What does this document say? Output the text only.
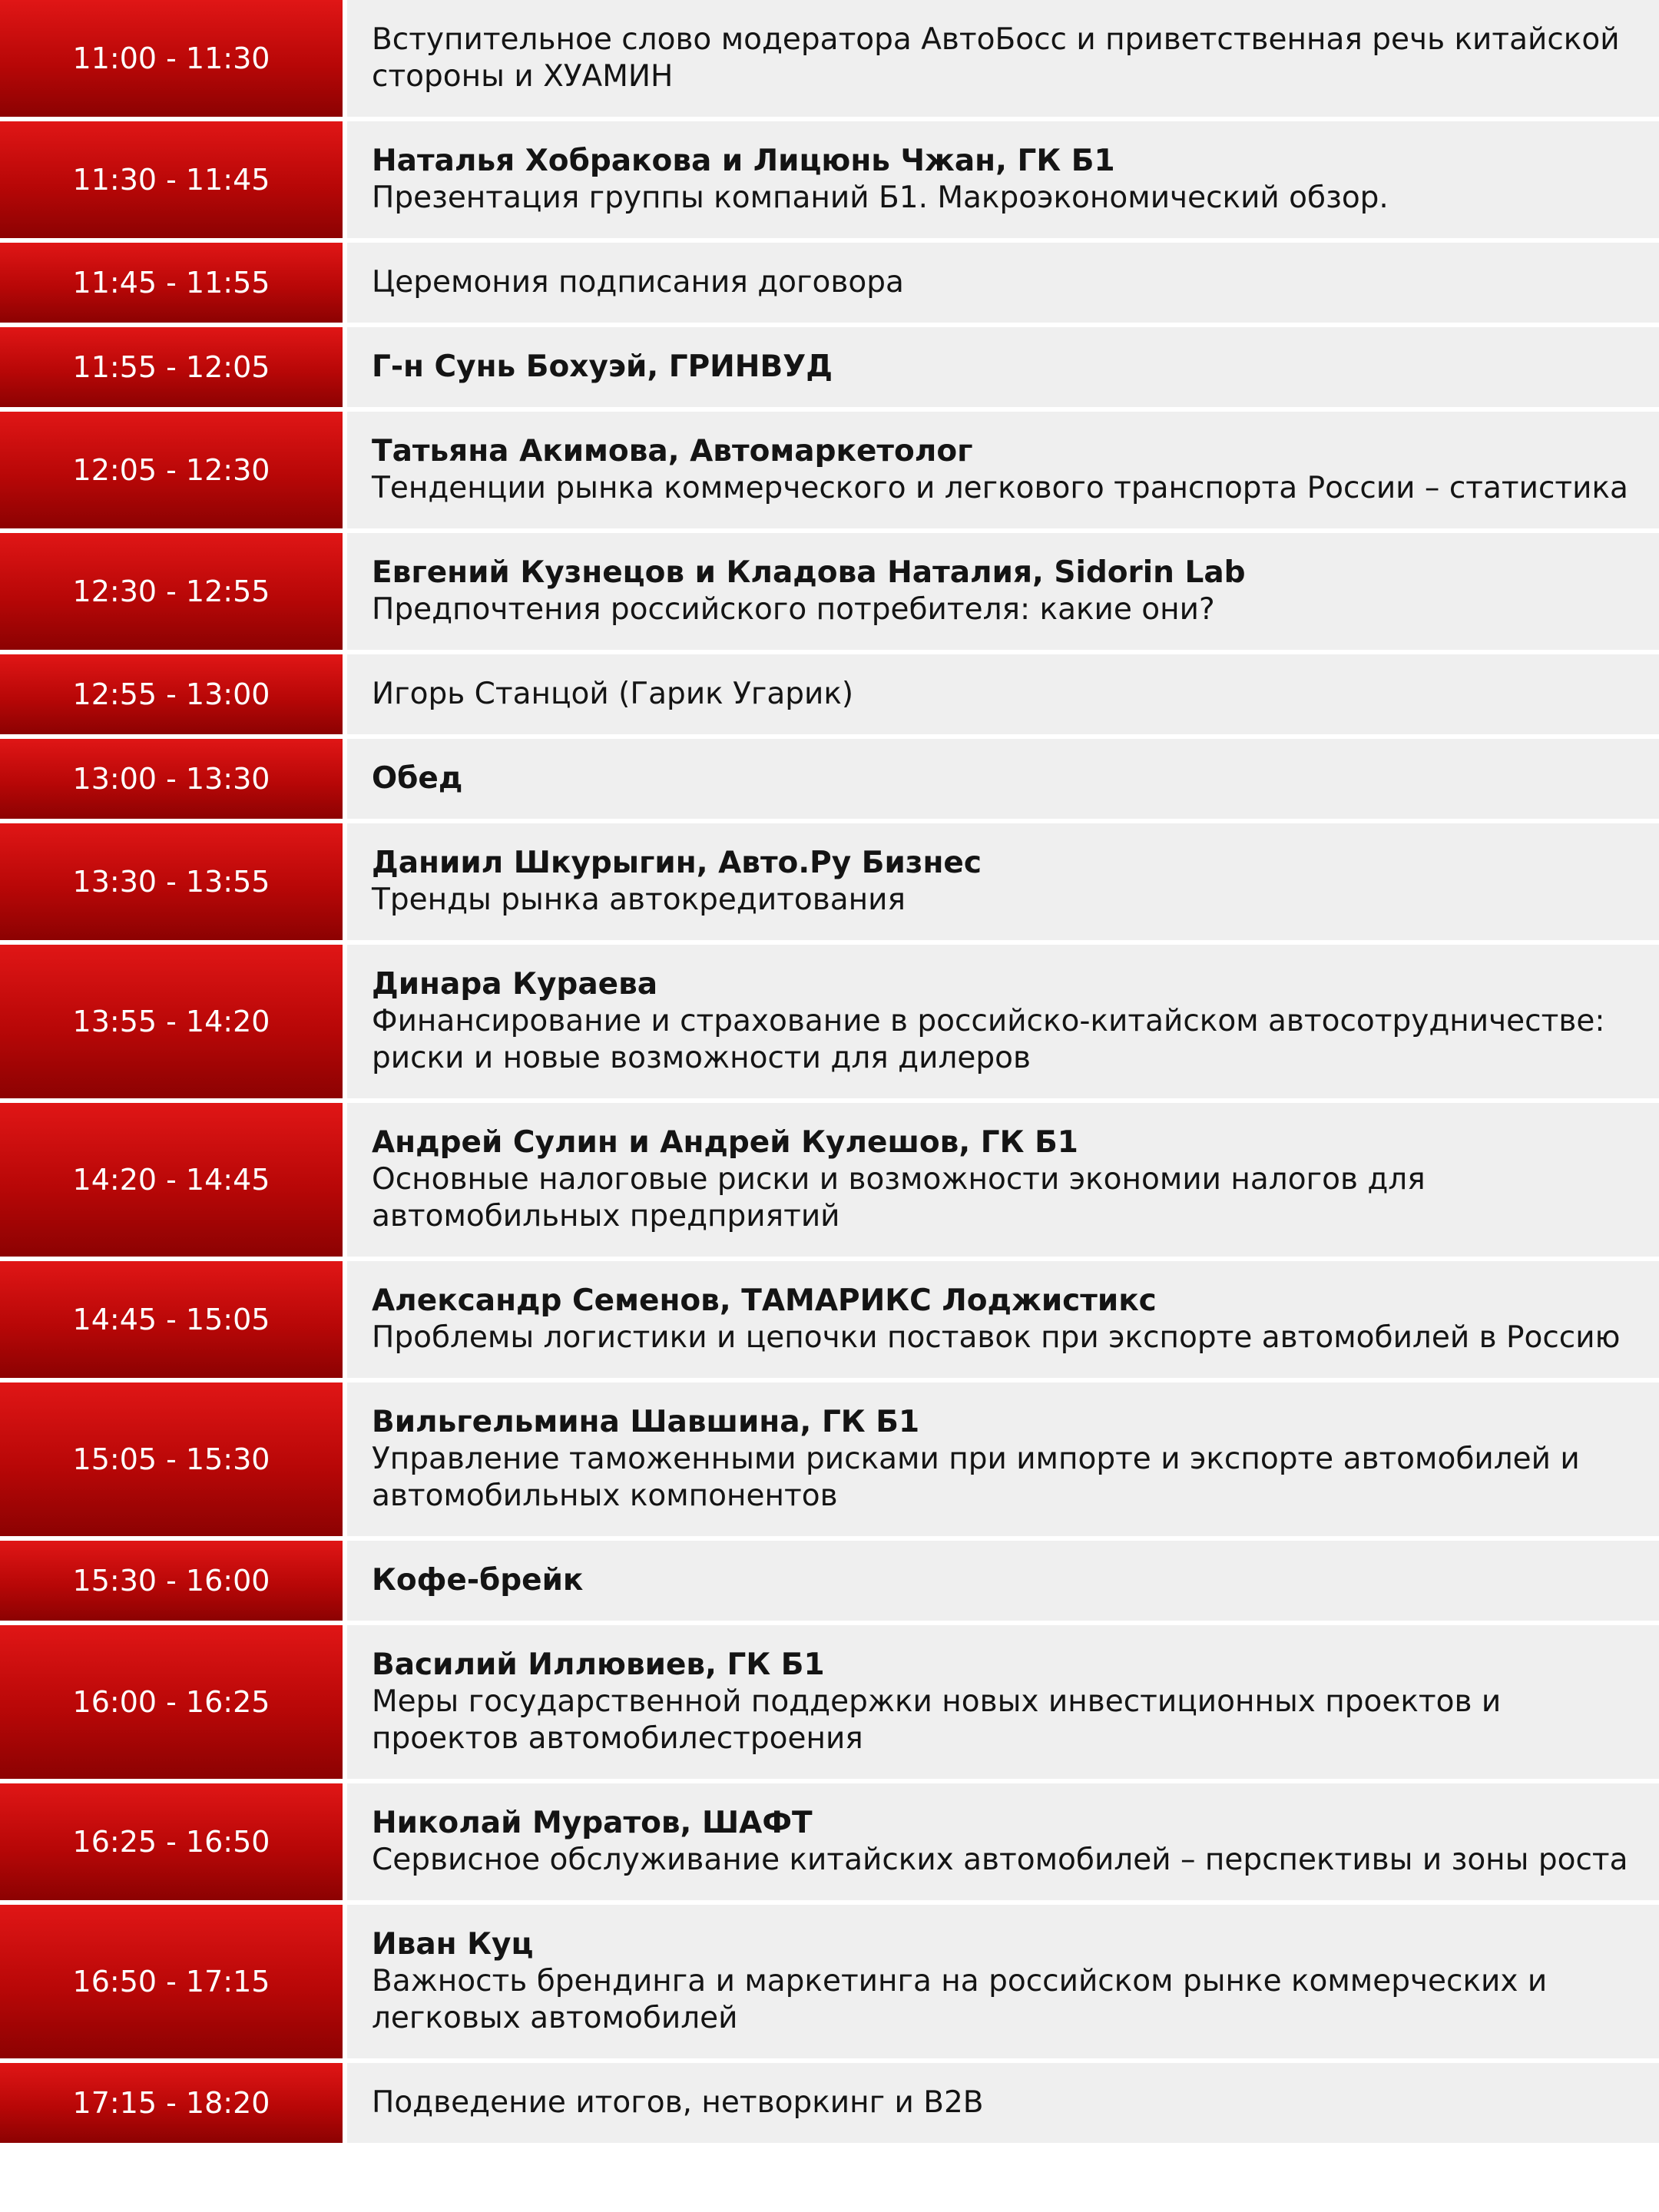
11:00 - 11:30
Вступительное слово модератора АвтоБосс и приветственная речь китайской стороны и ХУАМИН
11:30 - 11:45
Наталья Хобракова и Лицюнь Чжан, ГК Б1
Презентация группы компаний Б1. Макроэкономический обзор.
11:45 - 11:55	Церемония подписания договора
11:55 - 12:05	Г-н Сунь Бохуэй, ГРИНВУД
12:05 - 12:30
Татьяна Акимова, Автомаркетолог
Тенденции рынка коммерческого и легкового транспорта России – статистика
12:30 - 12:55
Евгений Кузнецов и Кладова Наталия, Sidorin Lab
Предпочтения российского потребителя: какие они?
12:55 - 13:00	Игорь Станцой (Гарик Угарик)
13:00 - 13:30	Обед
13:30 - 13:55
Даниил Шкурыгин, Авто.Ру Бизнес
Тренды рынка автокредитования
13:55 - 14:20
Динара Кураева
Финансирование и страхование в российско-китайском автосотрудничестве: риски и новые возможности для дилеров
14:20 - 14:45
Андрей Сулин и Андрей Кулешов, ГК Б1
Основные налоговые риски и возможности экономии налогов для автомобильных предприятий
14:45 - 15:05
Александр Семенов, ТАМАРИКС Лоджистикс
Проблемы логистики и цепочки поставок при экспорте автомобилей в Россию
15:05 - 15:30
Вильгельмина Шавшина, ГК Б1
Управление таможенными рисками при импорте и экспорте автомобилей и автомобильных компонентов
15:30 - 16:00	Кофе-брейк
16:00 - 16:25
Василий Иллювиев, ГК Б1
Меры государственной поддержки новых инвестиционных проектов и проектов автомобилестроения
16:25 - 16:50
Николай Муратов, ШАФТ
Сервисное обслуживание китайских автомобилей – перспективы и зоны роста
16:50 - 17:15
Иван Куц
Важность брендинга и маркетинга на российском рынке коммерческих и легковых автомобилей
17:15 - 18:20	Подведение итогов, нетворкинг и B2B
